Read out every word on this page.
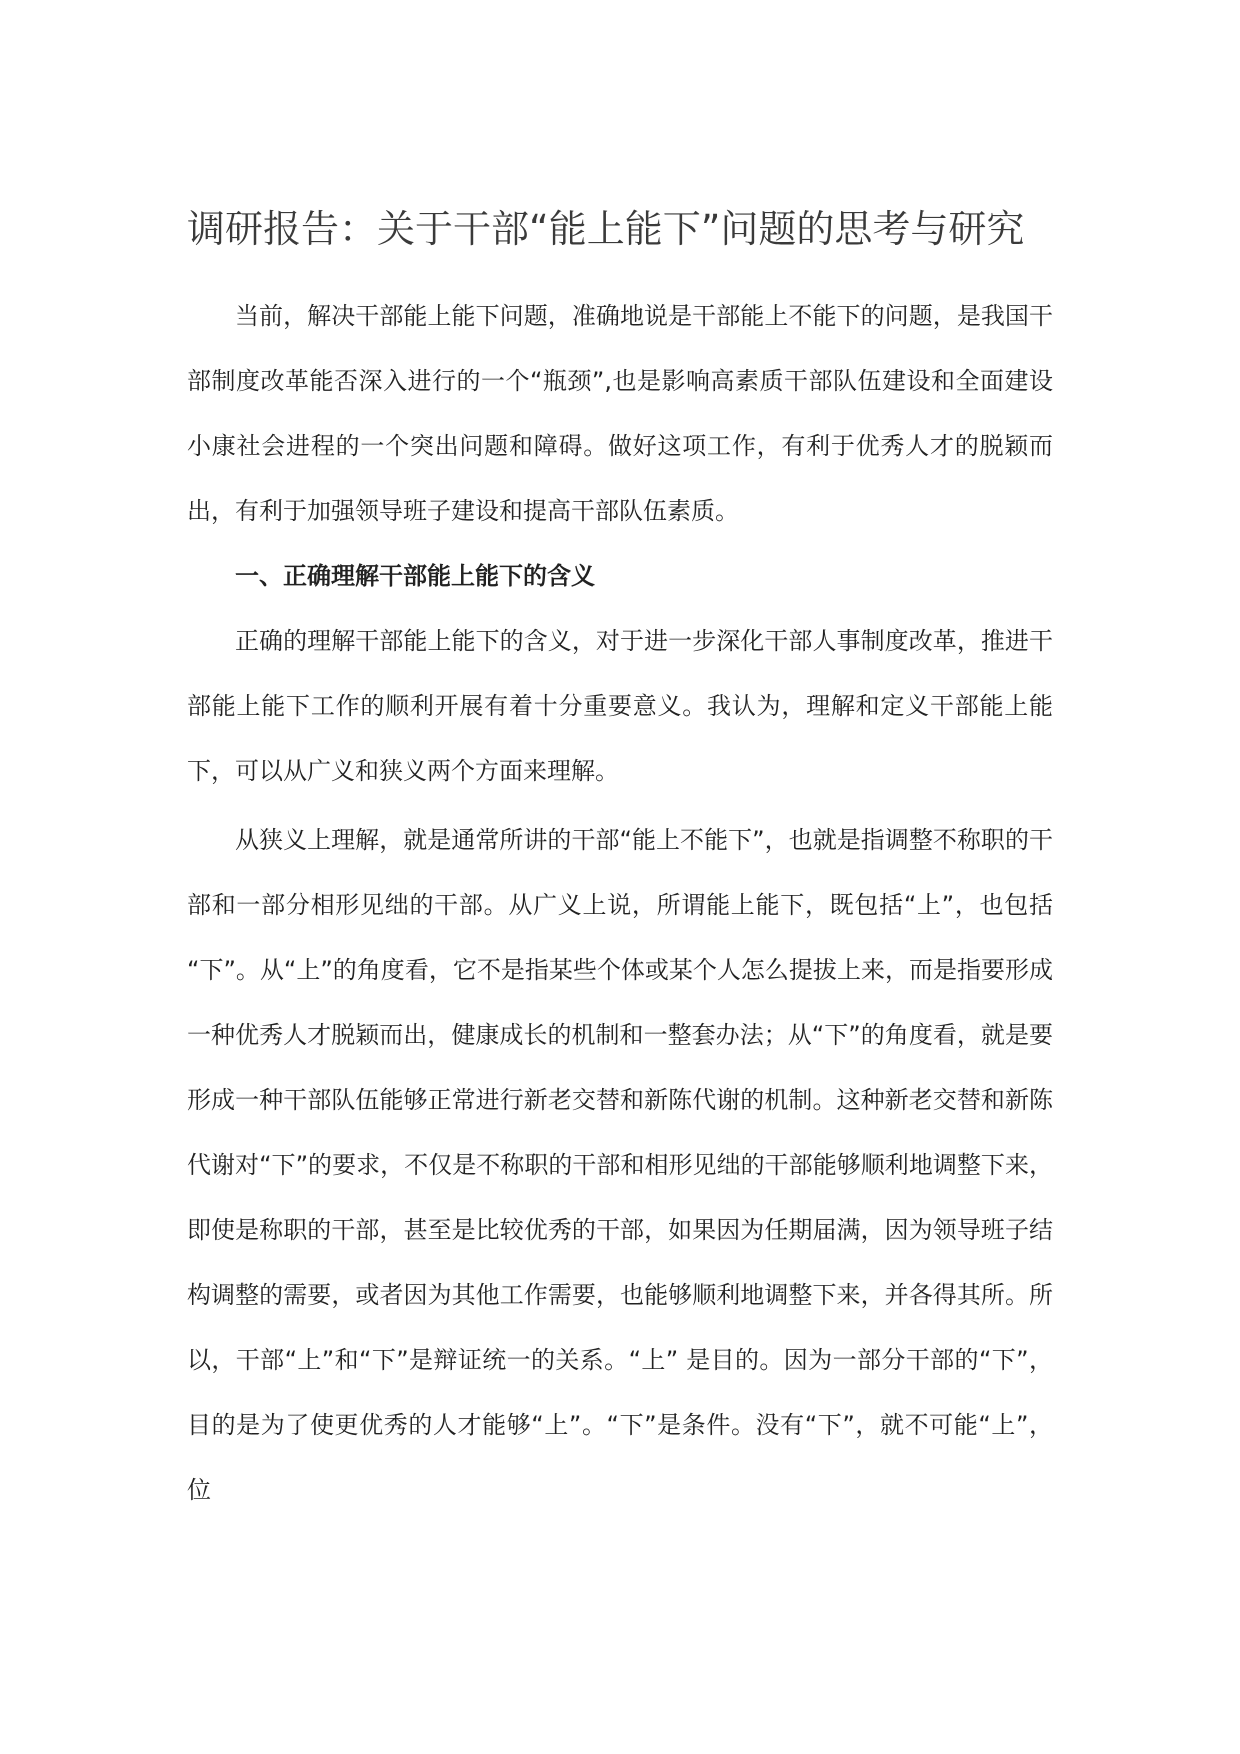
调研报告：关于干部“能上能下”问题的思考与研究

当前，解决干部能上能下问题，准确地说是干部能上不能下的问题，是我国干部制度改革能否深入进行的一个“瓶颈”,也是影响高素质干部队伍建设和全面建设小康社会进程的一个突出问题和障碍。做好这项工作，有利于优秀人才的脱颖而出，有利于加强领导班子建设和提高干部队伍素质。

一、正确理解干部能上能下的含义

正确的理解干部能上能下的含义，对于进一步深化干部人事制度改革，推进干部能上能下工作的顺利开展有着十分重要意义。我认为，理解和定义干部能上能下，可以从广义和狭义两个方面来理解。

从狭义上理解，就是通常所讲的干部“能上不能下”，也就是指调整不称职的干部和一部分相形见绌的干部。从广义上说，所谓能上能下，既包括“上”，也包括 “下”。从“上”的角度看，它不是指某些个体或某个人怎么提拔上来，而是指要形成一种优秀人才脱颖而出，健康成长的机制和一整套办法；从“下”的角度看，就是要形成一种干部队伍能够正常进行新老交替和新陈代谢的机制。这种新老交替和新陈代谢对“下”的要求，不仅是不称职的干部和相形见绌的干部能够顺利地调整下来，即使是称职的干部，甚至是比较优秀的干部，如果因为任期届满，因为领导班子结构调整的需要，或者因为其他工作需要，也能够顺利地调整下来，并各得其所。所以，干部“上”和“下”是辩证统一的关系。“上” 是目的。因为一部分干部的“下”，目的是为了使更优秀的人才能够“上”。“下”是条件。没有“下”，就不可能“上”，位
